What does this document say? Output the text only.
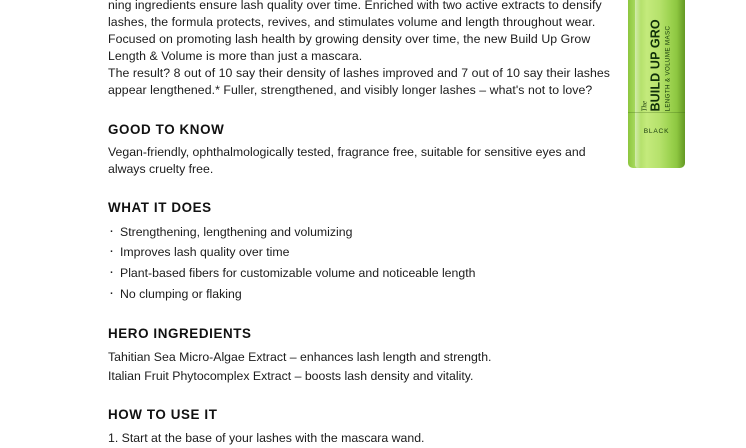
ning ingredients ensure lash quality over time. Enriched with two active extracts to densify lashes, the formula protects, revives, and stimulates volume and length throughout wear. Focused on promoting lash health by growing density over time, the new Build Up Grow Length & Volume is more than just a mascara.

The result? 8 out of 10 say their density of lashes improved and 7 out of 10 say their lashes appear lengthened.* Fuller, strengthened, and visibly longer lashes – what's not to love?

GOOD TO KNOW

Vegan-friendly, ophthalmologically tested, fragrance free, suitable for sensitive eyes and always cruelty free.

WHAT IT DOES
· Strengthening, lengthening and volumizing
· Improves lash quality over time
· Plant-based fibers for customizable volume and noticeable length
· No clumping or flaking
HERO INGREDIENTS
Tahitian Sea Micro-Algae Extract – enhances lash length and strength.
Italian Fruit Phytocomplex Extract – boosts lash density and vitality.
HOW TO USE IT
1. Start at the base of your lashes with the mascara wand.
The BUILD UP GRO LENGTH & VOLUME MASC
BLACK
